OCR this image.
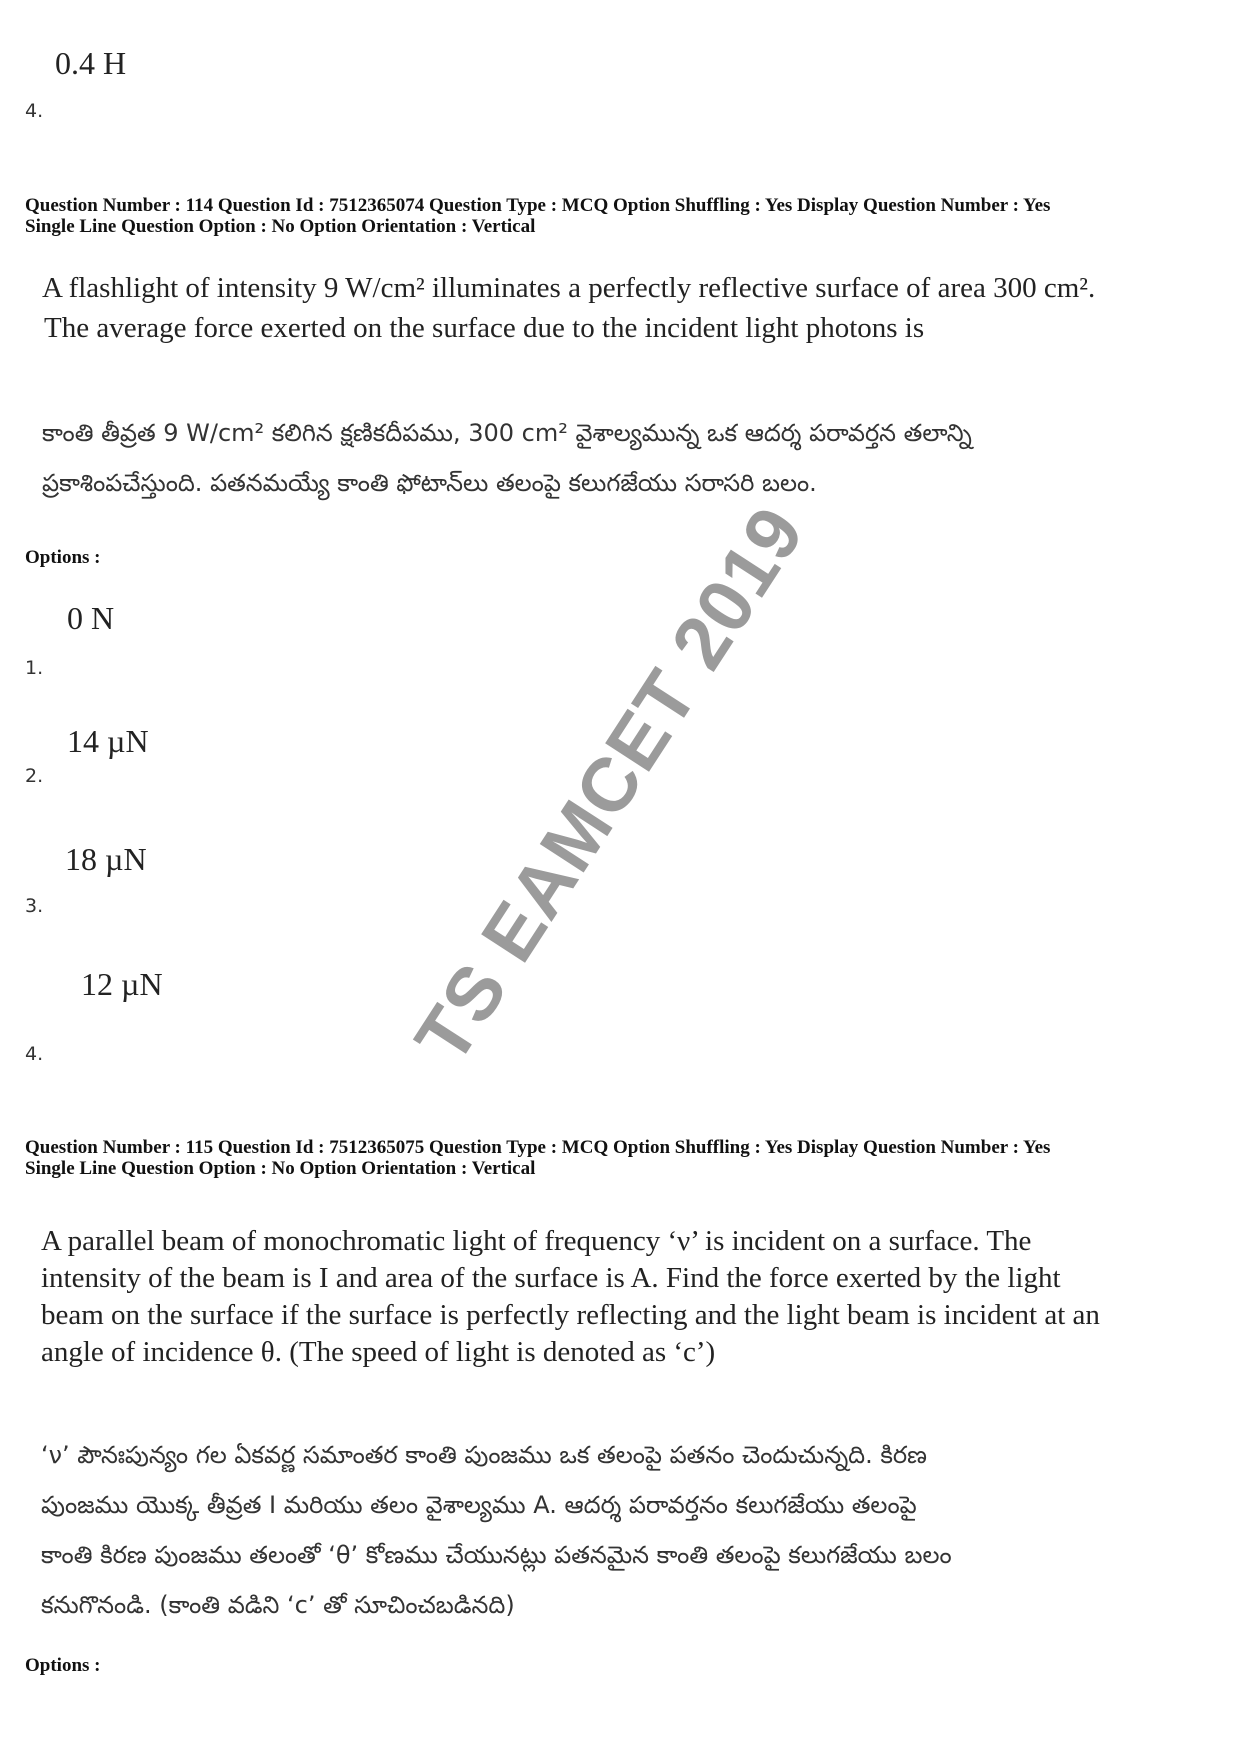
0.4 H
4.
Question Number : 114 Question Id : 7512365074 Question Type : MCQ Option Shuffling : Yes Display Question Number : Yes
Single Line Question Option : No Option Orientation : Vertical
A flashlight of intensity 9 W/cm² illuminates a perfectly reflective surface of area 300 cm².
The average force exerted on the surface due to the incident light photons is
కాంతి తీవ్రత 9 W/cm² కలిగిన క్షణికదీపము, 300 cm² వైశాల్యమున్న ఒక ఆదర్శ పరావర్తన తలాన్ని
ప్రకాశింపచేస్తుంది. పతనమయ్యే కాంతి ఫోటాన్‌లు తలంపై కలుగజేయు సరాసరి బలం.
Options :
0 N
1.
14 µN
2.
18 µN
3.
12 µN
4.
Question Number : 115 Question Id : 7512365075 Question Type : MCQ Option Shuffling : Yes Display Question Number : Yes
Single Line Question Option : No Option Orientation : Vertical
A parallel beam of monochromatic light of frequency ‘ν’ is incident on a surface. The
intensity of the beam is I and area of the surface is A. Find the force exerted by the light
beam on the surface if the surface is perfectly reflecting and the light beam is incident at an
angle of incidence θ. (The speed of light is denoted as ‘c’)
‘ν’ పౌనఃపున్యం గల ఏకవర్ణ సమాంతర కాంతి పుంజము ఒక తలంపై పతనం చెందుచున్నది. కిరణ
పుంజము యొక్క తీవ్రత I మరియు తలం వైశాల్యము A. ఆదర్శ పరావర్తనం కలుగజేయు తలంపై
కాంతి కిరణ పుంజము తలంతో ‘θ’ కోణము చేయునట్లు పతనమైన కాంతి తలంపై కలుగజేయు బలం
కనుగొనండి. (కాంతి వడిని ‘c’ తో సూచించబడినది)
Options :
TS EAMCET 2019
